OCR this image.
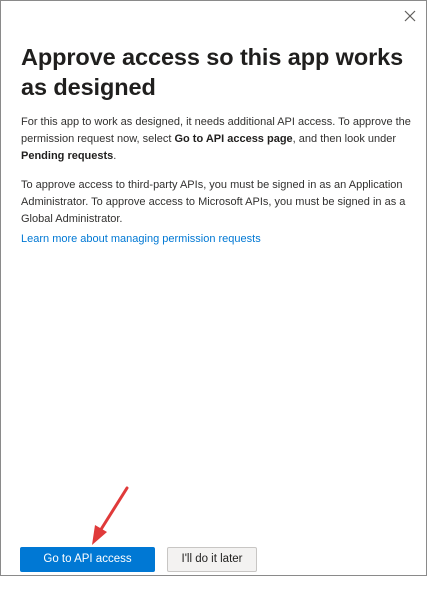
Approve access so this app works as designed

For this app to work as designed, it needs additional API access. To approve the permission request now, select Go to API access page, and then look under Pending requests.

To approve access to third-party APIs, you must be signed in as an Application Administrator. To approve access to Microsoft APIs, you must be signed in as a Global Administrator.

Learn more about managing permission requests
Go to API access page
I'll do it later
